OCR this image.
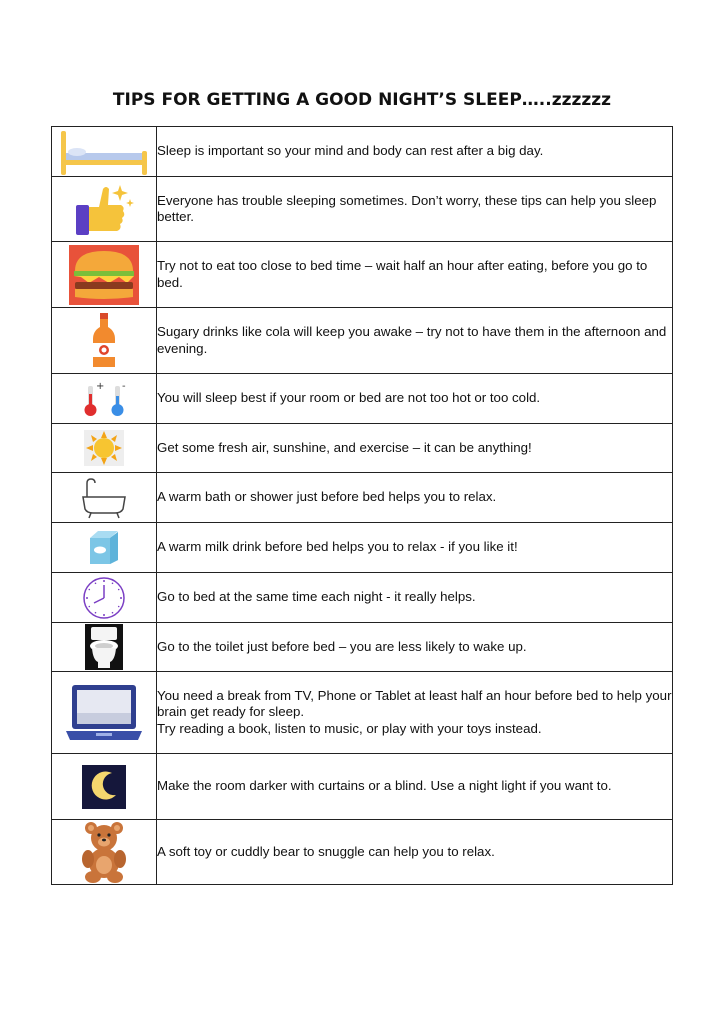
TIPS FOR GETTING A GOOD NIGHT’S SLEEP…..zzzzzz
	Sleep is important so your mind and body can rest after a big day.

	Everyone has trouble sleeping sometimes. Don’t worry, these tips can help you sleep better.

	Try not to eat too close to bed time – wait half an hour after eating, before you go to bed.

	Sugary drinks like cola will keep you awake – try not to have them in the afternoon and evening.

+ -	You will sleep best if your room or bed are not too hot or too cold.

	Get some fresh air, sunshine, and exercise – it can be anything!

	A warm bath or shower just before bed helps you to relax.

	A warm milk drink before bed helps you to relax - if you like it!

	Go to bed at the same time each night - it really helps.

	Go to the toilet just before bed – you are less likely to wake up.

You need a break from TV, Phone or Tablet at least half an hour before bed to help your brain get ready for sleep.
Try reading a book, listen to music, or play with your toys instead.

	Make the room darker with curtains or a blind. Use a night light if you want to.

	A soft toy or cuddly bear to snuggle can help you to relax.
